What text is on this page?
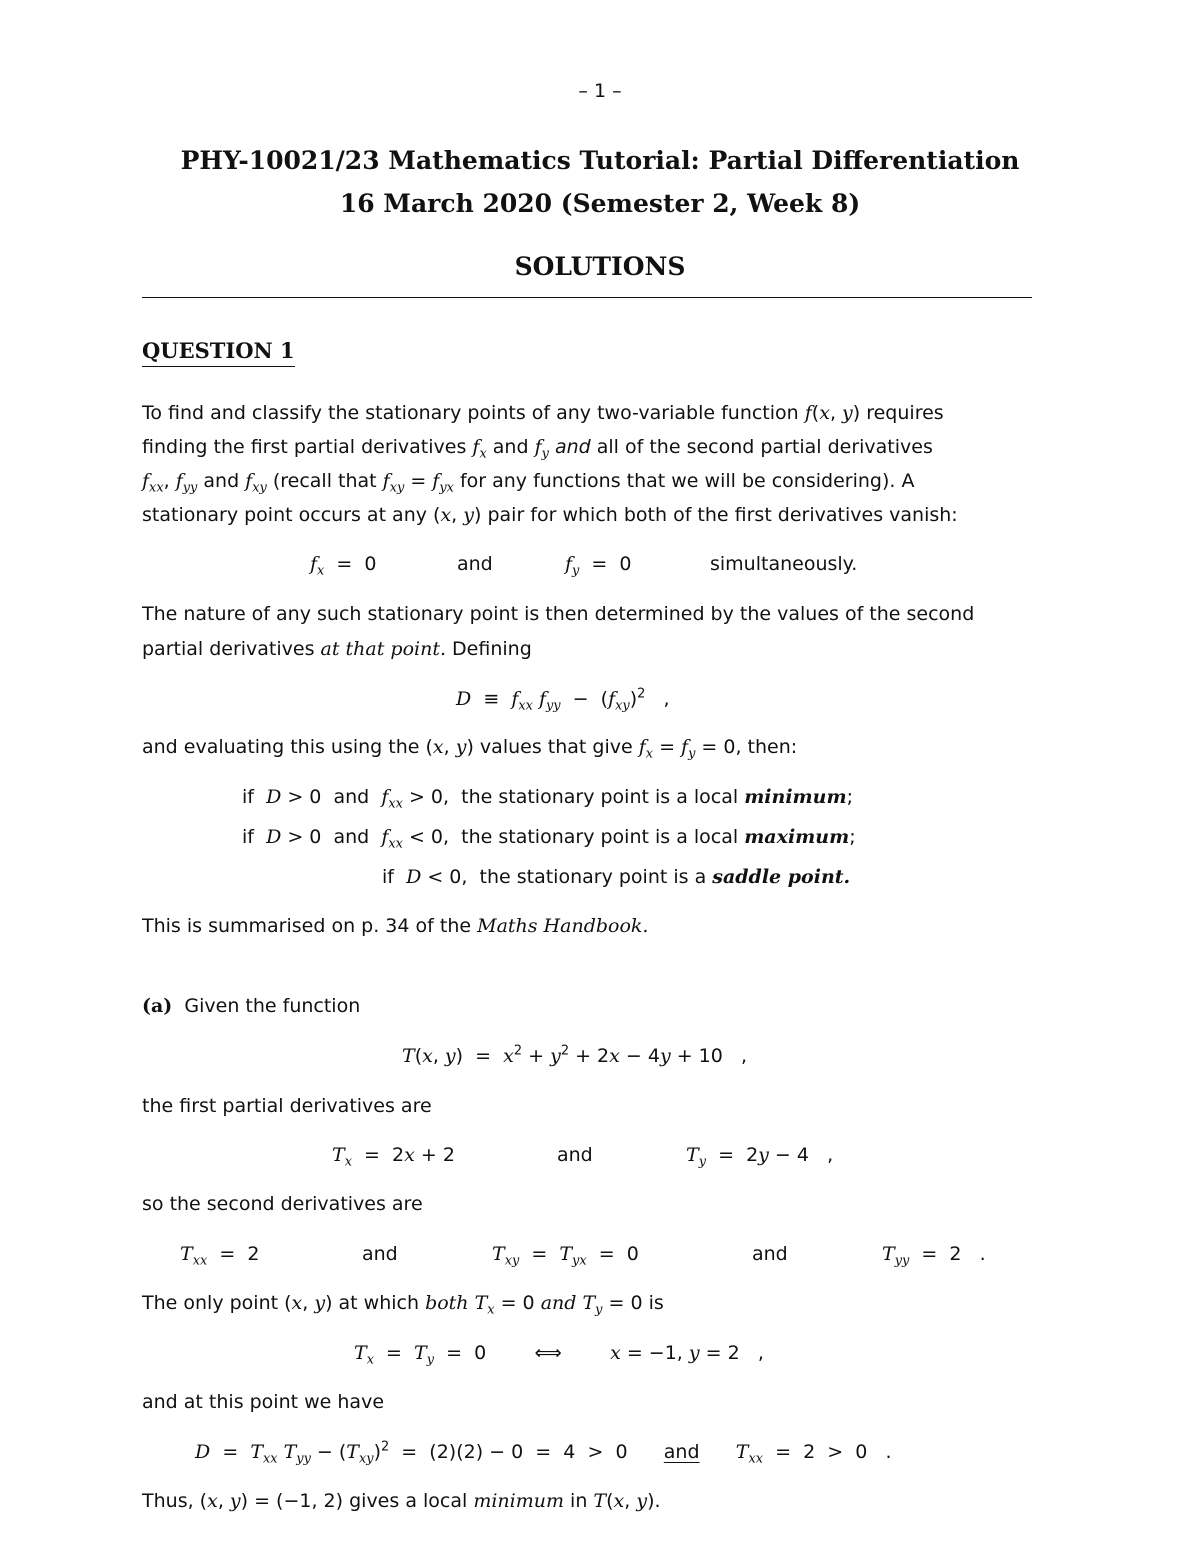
– 1 –
PHY-10021/23 Mathematics Tutorial: Partial Differentiation
16 March 2020 (Semester 2, Week 8)
SOLUTIONS
QUESTION 1
To find and classify the stationary points of any two-variable function f(x, y) requires
finding the first partial derivatives $f_x$ and $f_y$ and all of the second partial derivatives
$f_{xx}$, $f_{yy}$ and $f_{xy}$ (recall that $f_{xy} = f_{yx}$ for any functions that we will be considering). A
stationary point occurs at any (x, y) pair for which both of the first derivatives vanish:
$f_x = 0$	and	$f_y = 0$	simultaneously.
The nature of any such stationary point is then determined by the values of the second
partial derivatives at that point. Defining
$D \equiv f_{xx}$ $f_{yy} - (f_{xy})^2$   ,
and evaluating this using the (x, y) values that give $f_x = f_y = 0$, then:
if D > 0  and $f_{xx} > 0$,  the stationary point is a local minimum;
if D > 0  and $f_{xx} < 0$,  the stationary point is a local maximum;
if D < 0,  the stationary point is a saddle point.
This is summarised on p. 34 of the Maths Handbook.
(a) Given the function
T(x, $y) = x^2 + y^2 + 2x - 4y + 10$   ,
the first partial derivatives are
$T_x = 2x + 2$	and	$T_y = 2y - 4$   ,
so the second derivatives are
$T_{xx} = 2$	and	$T_{xy} = T_{yx} = 0$	and	$T_{yy} = 2$   .
The only point (x, y) at which both $T_x = 0$ and $T_y = 0$ is
$T_x = T_y = 0$        ⟺        x = −1, y = 2   ,
and at this point we have
$D = T_{xx}$ $T_{yy} - (T_{xy})^2 = (2)(2) - 0 = 4 > 0$      and $T_{xx} = 2 > 0$   .
Thus, (x, y) = (−1, 2) gives a local minimum in T(x, y).
